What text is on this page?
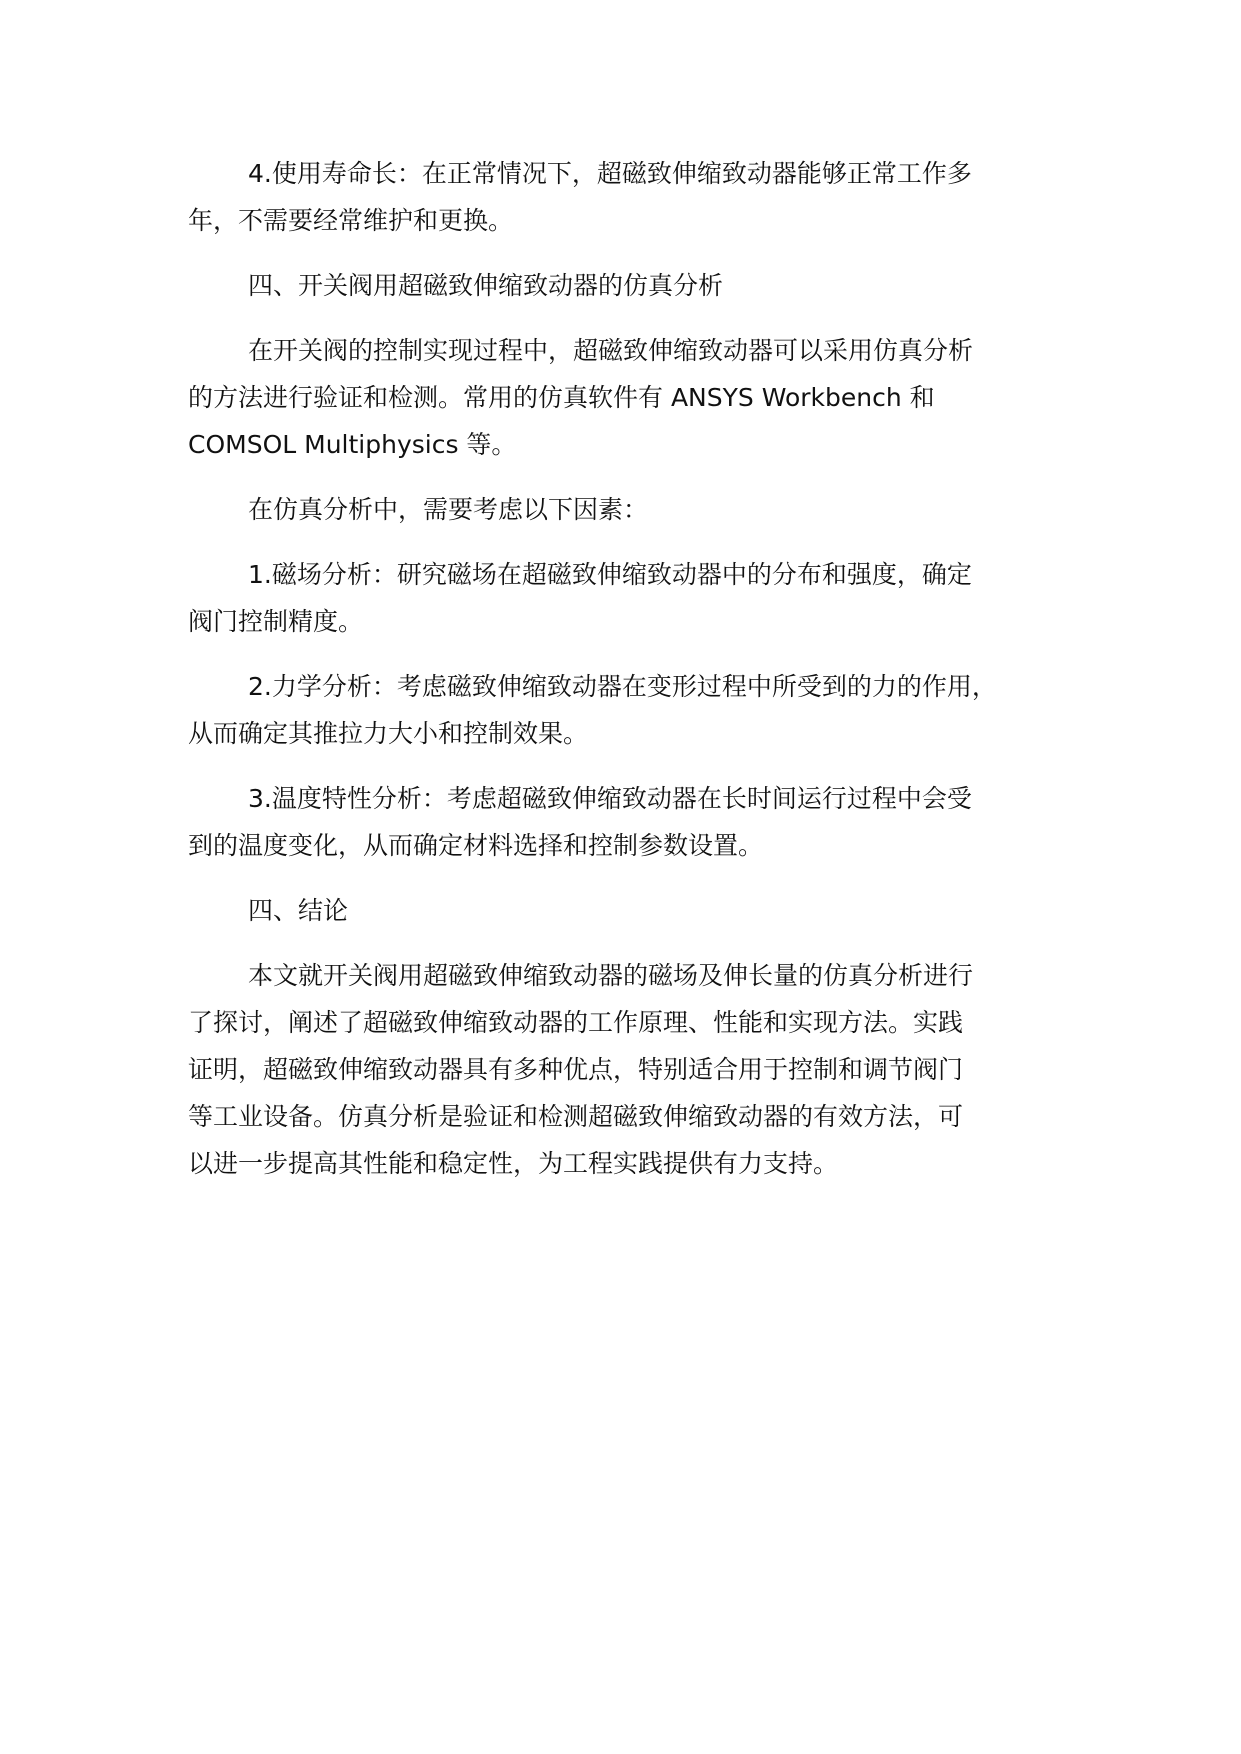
4.使用寿命长：在正常情况下，超磁致伸缩致动器能够正常工作多
年，不需要经常维护和更换。

四、开关阀用超磁致伸缩致动器的仿真分析

在开关阀的控制实现过程中，超磁致伸缩致动器可以采用仿真分析
的方法进行验证和检测。常用的仿真软件有 ANSYS Workbench 和
COMSOL Multiphysics 等。

在仿真分析中，需要考虑以下因素：

1.磁场分析：研究磁场在超磁致伸缩致动器中的分布和强度，确定
阀门控制精度。

2.力学分析：考虑磁致伸缩致动器在变形过程中所受到的力的作用，
从而确定其推拉力大小和控制效果。

3.温度特性分析：考虑超磁致伸缩致动器在长时间运行过程中会受
到的温度变化，从而确定材料选择和控制参数设置。

四、结论

本文就开关阀用超磁致伸缩致动器的磁场及伸长量的仿真分析进行
了探讨，阐述了超磁致伸缩致动器的工作原理、性能和实现方法。实践
证明，超磁致伸缩致动器具有多种优点，特别适合用于控制和调节阀门
等工业设备。仿真分析是验证和检测超磁致伸缩致动器的有效方法，可
以进一步提高其性能和稳定性，为工程实践提供有力支持。
